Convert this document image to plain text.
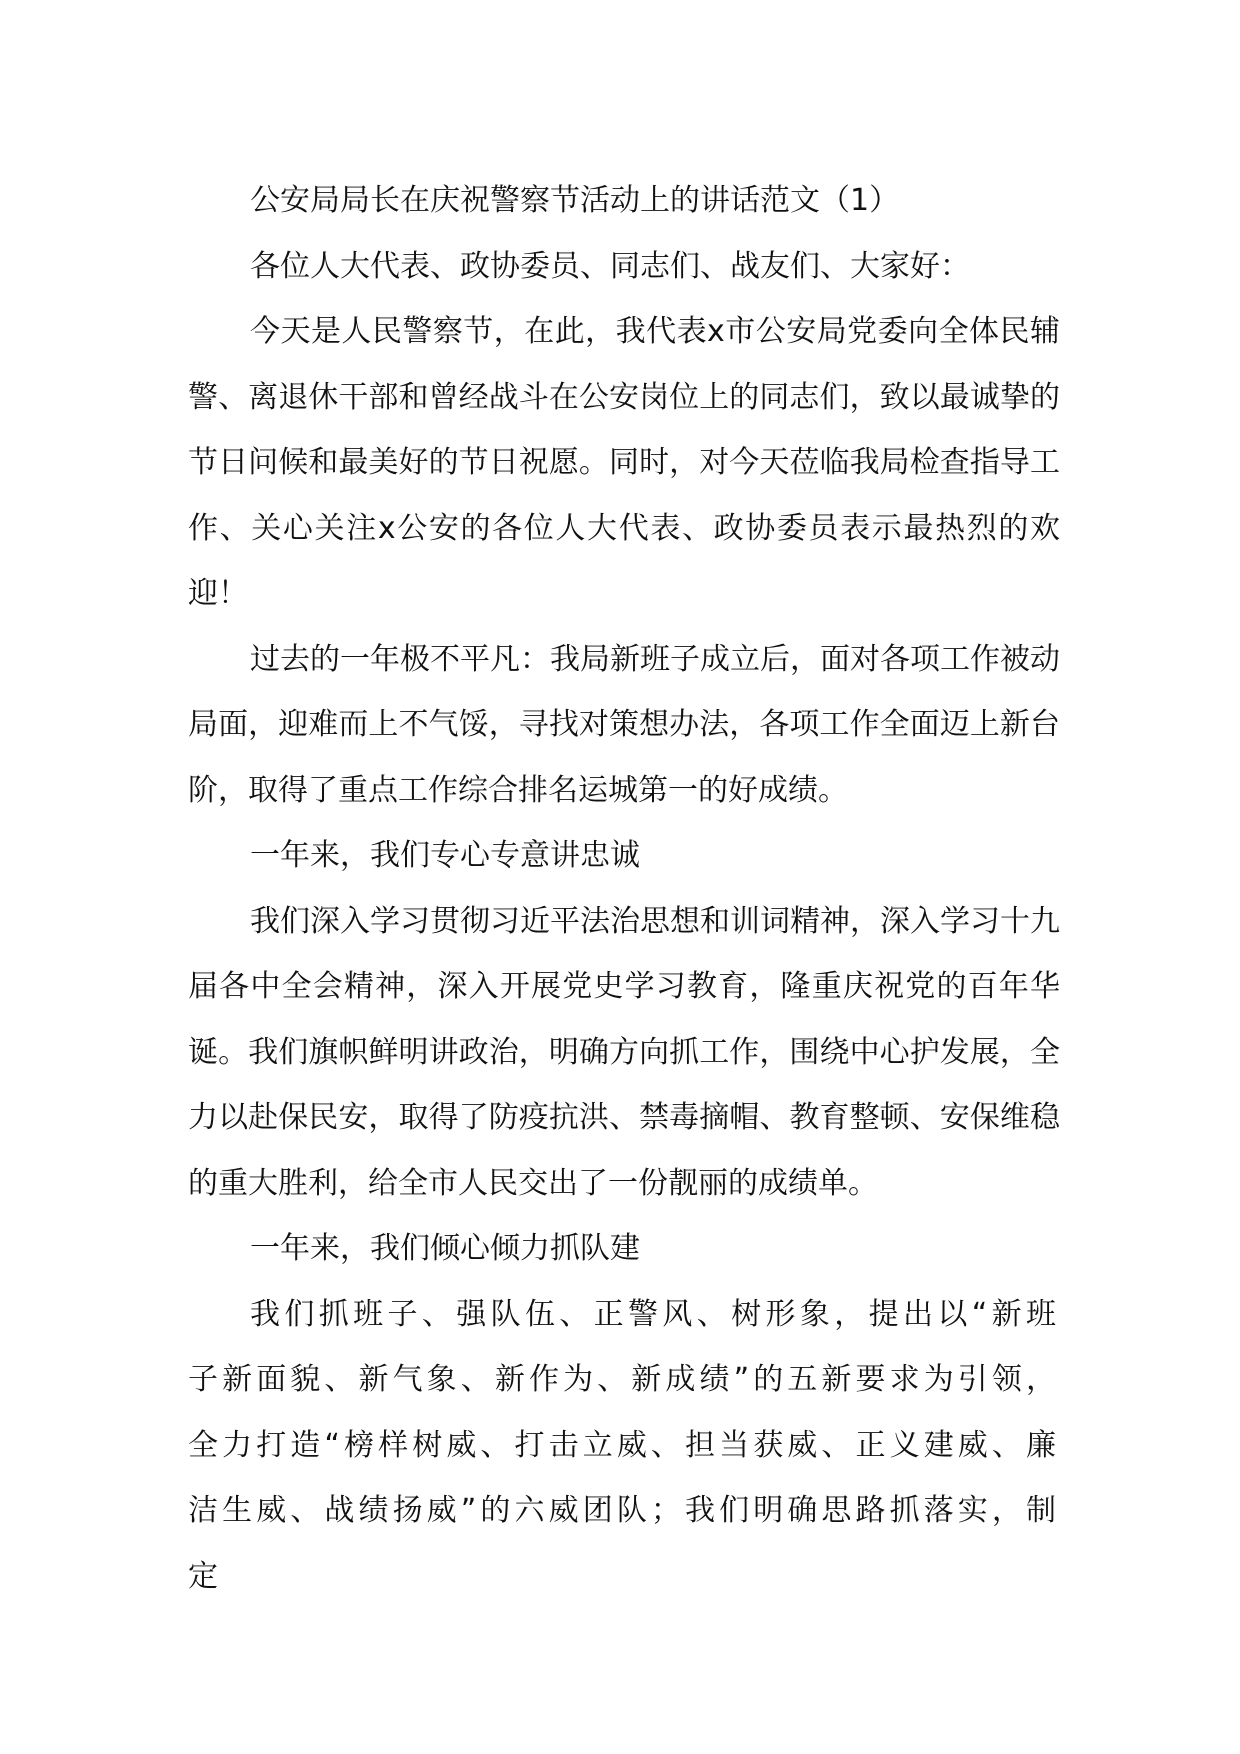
公安局局长在庆祝警察节活动上的讲话范文（1）

各位人大代表、政协委员、同志们、战友们、大家好：

今天是人民警察节，在此，我代表x市公安局党委向全体民辅警、离退休干部和曾经战斗在公安岗位上的同志们，致以最诚挚的节日问候和最美好的节日祝愿。同时，对今天莅临我局检查指导工作、关心关注x公安的各位人大代表、政协委员表示最热烈的欢迎！

过去的一年极不平凡：我局新班子成立后，面对各项工作被动局面，迎难而上不气馁，寻找对策想办法，各项工作全面迈上新台阶，取得了重点工作综合排名运城第一的好成绩。

一年来，我们专心专意讲忠诚

我们深入学习贯彻习近平法治思想和训词精神，深入学习十九届各中全会精神，深入开展党史学习教育，隆重庆祝党的百年华诞。我们旗帜鲜明讲政治，明确方向抓工作，围绕中心护发展，全力以赴保民安，取得了防疫抗洪、禁毒摘帽、教育整顿、安保维稳的重大胜利，给全市人民交出了一份靓丽的成绩单。

一年来，我们倾心倾力抓队建

我们抓班子、强队伍、正警风、树形象，提出以“新班子新面貌、新气象、新作为、新成绩”的五新要求为引领，全力打造“榜样树威、打击立威、担当获威、正义建威、廉洁生威、战绩扬威”的六威团队；我们明确思路抓落实，制定
